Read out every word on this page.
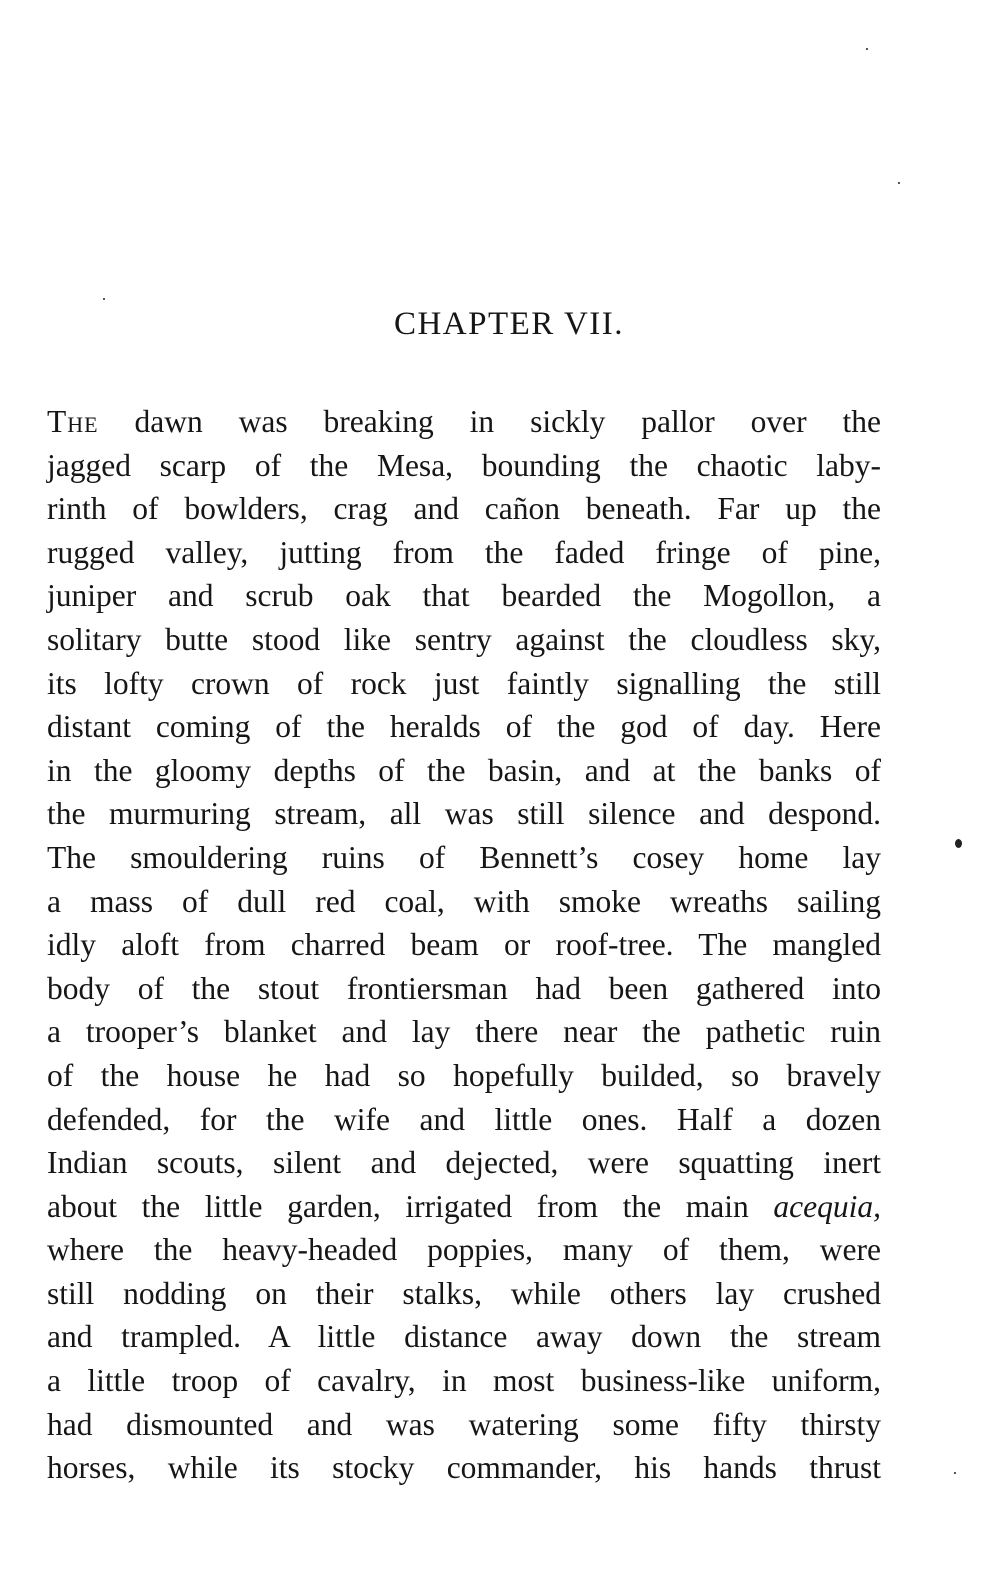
CHAPTER VII.
The dawn was breaking in sickly pallor over the
jagged scarp of the Mesa, bounding the chaotic laby-
rinth of bowlders, crag and cañon beneath. Far up the
rugged valley, jutting from the faded fringe of pine,
juniper and scrub oak that bearded the Mogollon, a
solitary butte stood like sentry against the cloudless sky,
its lofty crown of rock just faintly signalling the still
distant coming of the heralds of the god of day. Here
in the gloomy depths of the basin, and at the banks of
the murmuring stream, all was still silence and despond.
The smouldering ruins of Bennett’s cosey home lay
a mass of dull red coal, with smoke wreaths sailing
idly aloft from charred beam or roof-tree. The mangled
body of the stout frontiersman had been gathered into
a trooper’s blanket and lay there near the pathetic ruin
of the house he had so hopefully builded, so bravely
defended, for the wife and little ones. Half a dozen
Indian scouts, silent and dejected, were squatting inert
about the little garden, irrigated from the main acequia,
where the heavy-headed poppies, many of them, were
still nodding on their stalks, while others lay crushed
and trampled. A little distance away down the stream
a little troop of cavalry, in most business-like uniform,
had dismounted and was watering some fifty thirsty
horses, while its stocky commander, his hands thrust
